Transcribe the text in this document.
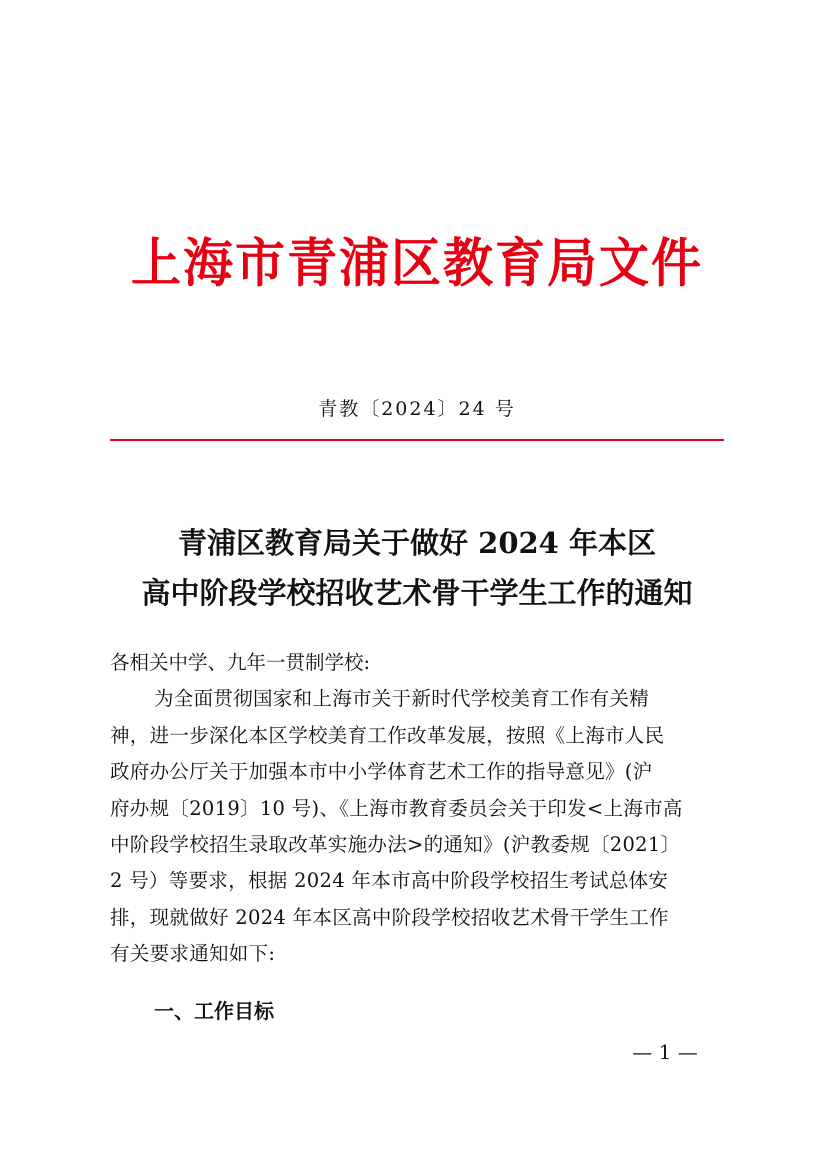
上海市青浦区教育局文件
青教〔2024〕24 号
青浦区教育局关于做好 2024 年本区
高中阶段学校招收艺术骨干学生工作的通知
各相关中学、九年一贯制学校:
为全面贯彻国家和上海市关于新时代学校美育工作有关精
神，进一步深化本区学校美育工作改革发展，按照《上海市人民
政府办公厅关于加强本市中小学体育艺术工作的指导意见》(沪
府办规〔2019〕10 号)、《上海市教育委员会关于印发<上海市高
中阶段学校招生录取改革实施办法>的通知》(沪教委规〔2021〕
2 号）等要求，根据 2024 年本市高中阶段学校招生考试总体安
排，现就做好 2024 年本区高中阶段学校招收艺术骨干学生工作
有关要求通知如下:
一、工作目标
— 1 —
